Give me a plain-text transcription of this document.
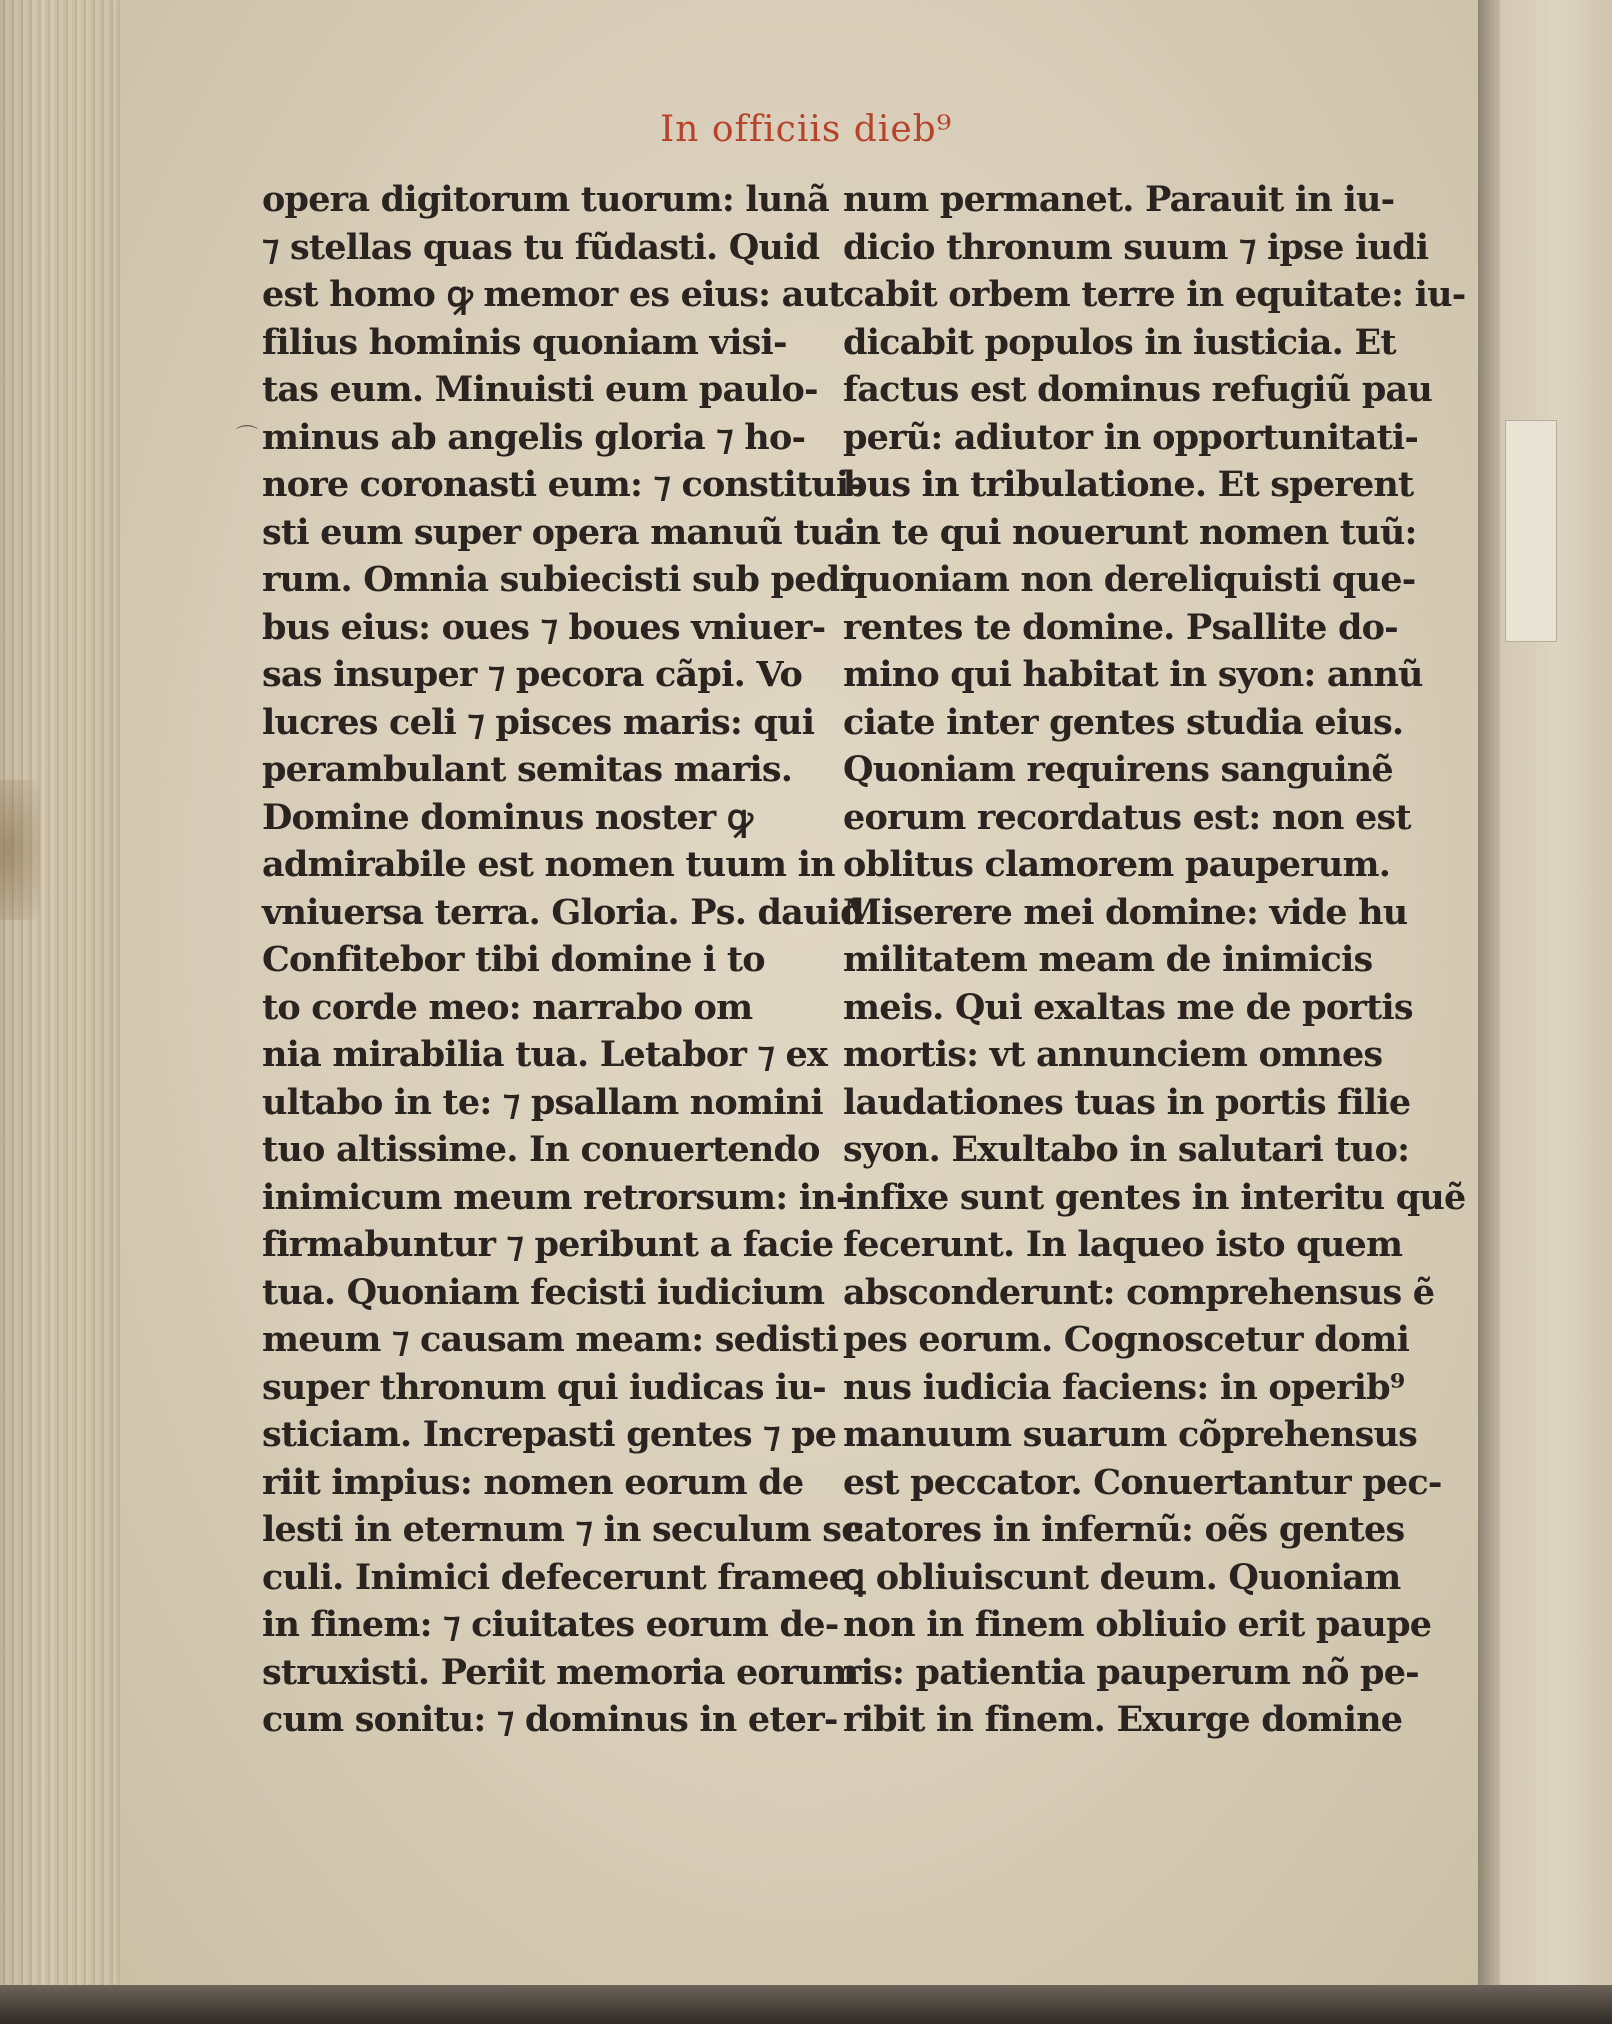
In officiis dieb⁹
⌒
opera digitorum tuorum: lunã
⁊ stellas quas tu fũdasti. Quid
est homo ꝙ memor es eius: aut
filius hominis quoniam visi-
tas eum. Minuisti eum paulo-
minus ab angelis gloria ⁊ ho-
nore coronasti eum: ⁊ constitui-
sti eum super opera manuũ tua
rum. Omnia subiecisti sub pedi
bus eius: oues ⁊ boues vniuer-
sas insuper ⁊ pecora cãpi. Vo
lucres celi ⁊ pisces maris: qui
perambulant semitas maris.
Domine dominus noster ꝙ
admirabile est nomen tuum in
vniuersa terra. Gloria. Ps. dauid
Confitebor tibi domine i to
to corde meo: narrabo om
nia mirabilia tua. Letabor ⁊ ex
ultabo in te: ⁊ psallam nomini
tuo altissime. In conuertendo
inimicum meum retrorsum: in-
firmabuntur ⁊ peribunt a facie
tua. Quoniam fecisti iudicium
meum ⁊ causam meam: sedisti
super thronum qui iudicas iu-
sticiam. Increpasti gentes ⁊ pe
riit impius: nomen eorum de
lesti in eternum ⁊ in seculum se
culi. Inimici defecerunt framee
in finem: ⁊ ciuitates eorum de-
struxisti. Periit memoria eorum
cum sonitu: ⁊ dominus in eter-
num permanet. Parauit in iu-
dicio thronum suum ⁊ ipse iudi
cabit orbem terre in equitate: iu-
dicabit populos in iusticia. Et
factus est dominus refugiũ pau
perũ: adiutor in opportunitati-
bus in tribulatione. Et sperent
in te qui nouerunt nomen tuũ:
quoniam non dereliquisti que-
rentes te domine. Psallite do-
mino qui habitat in syon: annũ
ciate inter gentes studia eius.
Quoniam requirens sanguinẽ
eorum recordatus est: non est
oblitus clamorem pauperum.
Miserere mei domine: vide hu
militatem meam de inimicis
meis. Qui exaltas me de portis
mortis: vt annunciem omnes
laudationes tuas in portis filie
syon. Exultabo in salutari tuo:
infixe sunt gentes in interitu quẽ
fecerunt. In laqueo isto quem
absconderunt: comprehensus ẽ
pes eorum. Cognoscetur domi
nus iudicia faciens: in operib⁹
manuum suarum cõprehensus
est peccator. Conuertantur pec-
catores in infernũ: oẽs gentes
ꝗ obliuiscunt deum. Quoniam
non in finem obliuio erit paupe
ris: patientia pauperum nõ pe-
ribit in finem. Exurge domine
